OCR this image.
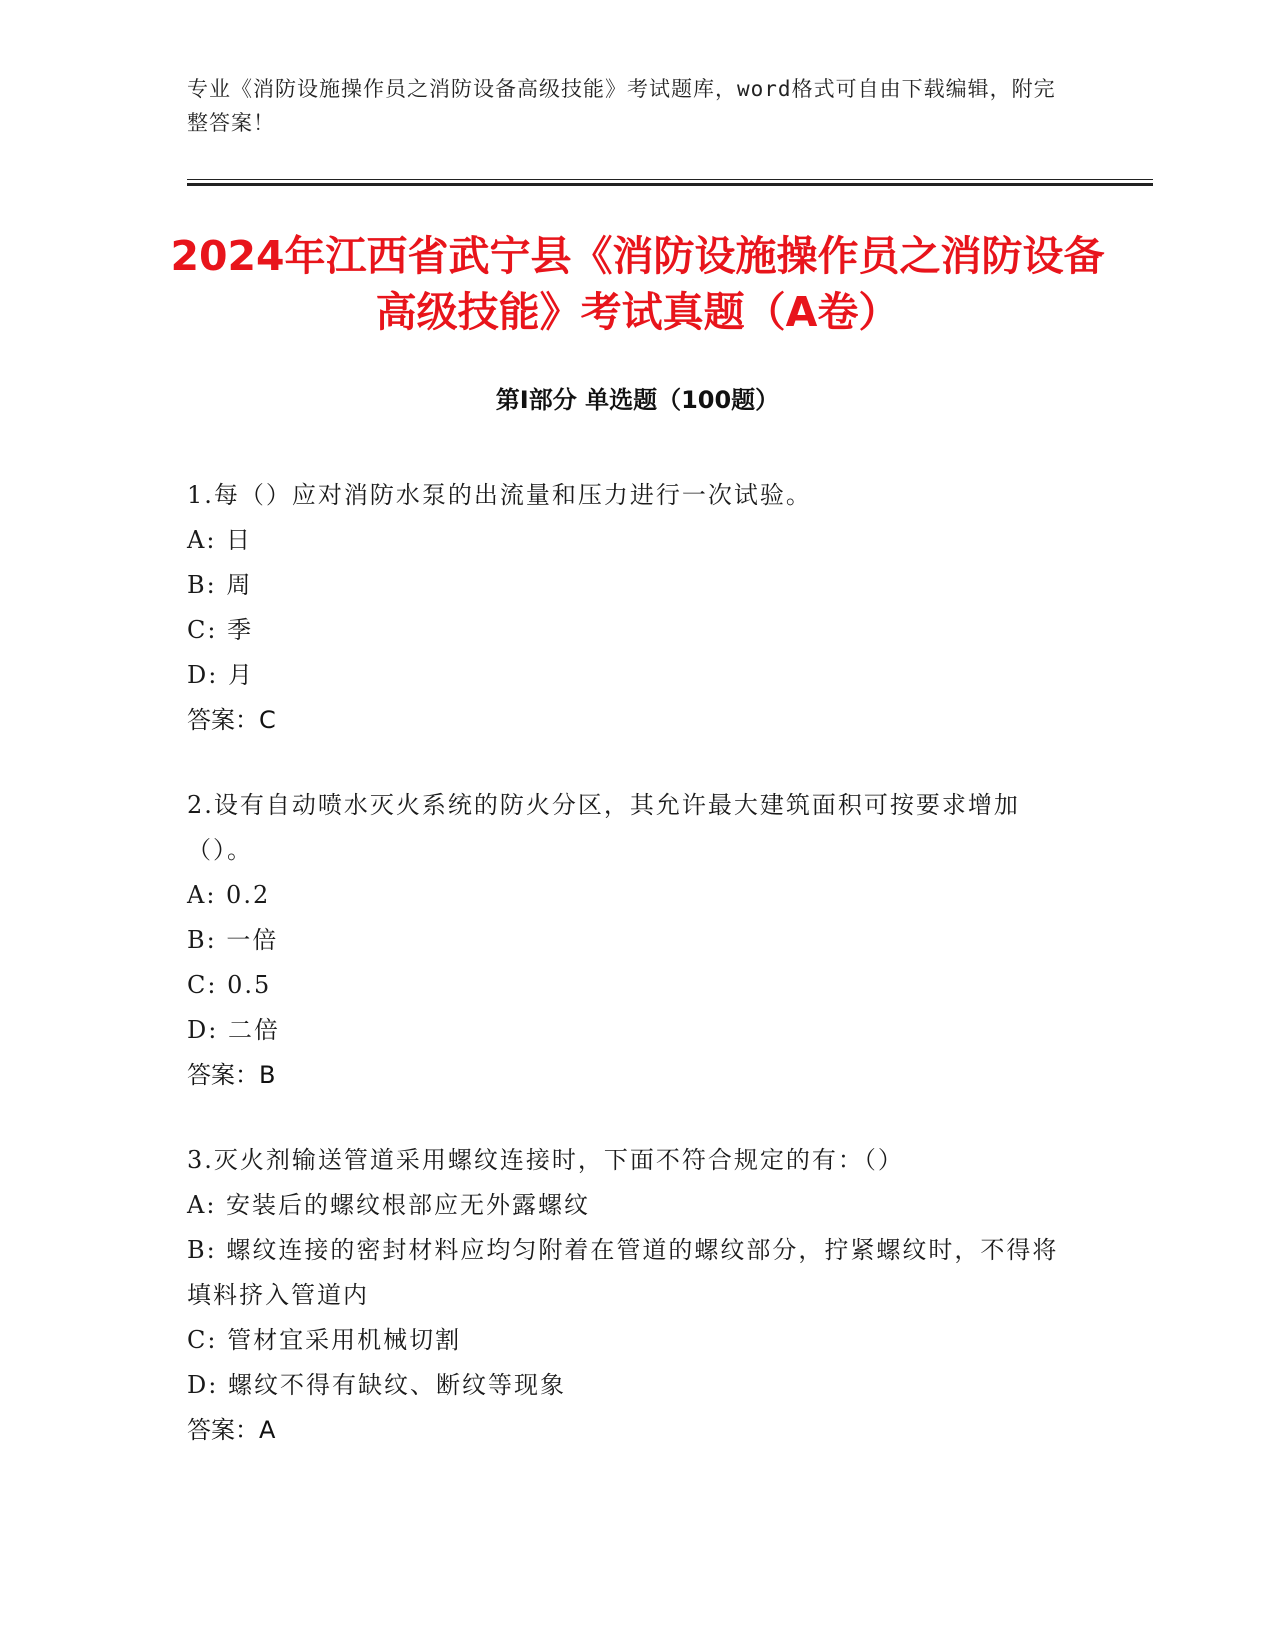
专业《消防设施操作员之消防设备高级技能》考试题库，word格式可自由下载编辑，附完整答案！
2024年江西省武宁县《消防设施操作员之消防设备高级技能》考试真题（A卷）
第I部分 单选题（100题）

1.每（）应对消防水泵的出流量和压力进行一次试验。

A: 日

B: 周

C: 季

D: 月

答案：C

2.设有自动喷水灭火系统的防火分区，其允许最大建筑面积可按要求增加（）。

A: 0.2

B: 一倍

C: 0.5

D: 二倍

答案：B

3.灭火剂输送管道采用螺纹连接时，下面不符合规定的有：（）

A: 安装后的螺纹根部应无外露螺纹

B: 螺纹连接的密封材料应均匀附着在管道的螺纹部分，拧紧螺纹时，不得将填料挤入管道内

C: 管材宜采用机械切割

D: 螺纹不得有缺纹、断纹等现象

答案：A
